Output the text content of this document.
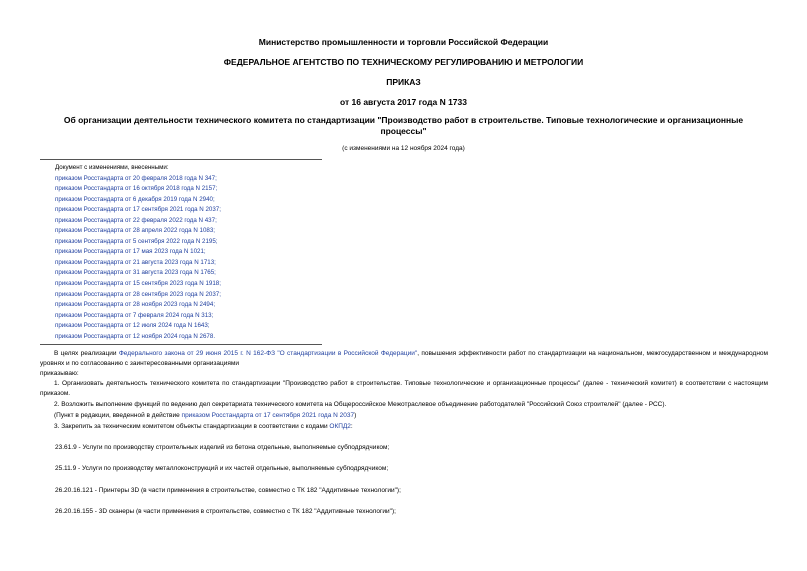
Министерство промышленности и торговли Российской Федерации
ФЕДЕРАЛЬНОЕ АГЕНТСТВО ПО ТЕХНИЧЕСКОМУ РЕГУЛИРОВАНИЮ И МЕТРОЛОГИИ
ПРИКАЗ
от 16 августа 2017 года N 1733
Об организации деятельности технического комитета по стандартизации "Производство работ в строительстве. Типовые технологические и организационные процессы"
(с изменениями на 12 ноября 2024 года)
Документ с изменениями, внесенными:
приказом Росстандарта от 20 февраля 2018 года N 347;
приказом Росстандарта от 16 октября 2018 года N 2157;
приказом Росстандарта от 6 декабря 2019 года N 2940;
приказом Росстандарта от 17 сентября 2021 года N 2037;
приказом Росстандарта от 22 февраля 2022 года N 437;
приказом Росстандарта от 28 апреля 2022 года N 1083;
приказом Росстандарта от 5 сентября 2022 года N 2195;
приказом Росстандарта от 17 мая 2023 года N 1021;
приказом Росстандарта от 21 августа 2023 года N 1713;
приказом Росстандарта от 31 августа 2023 года N 1765;
приказом Росстандарта от 15 сентября 2023 года N 1918;
приказом Росстандарта от 28 сентября 2023 года N 2037;
приказом Росстандарта от 28 ноября 2023 года N 2494;
приказом Росстандарта от 7 февраля 2024 года N 313;
приказом Росстандарта от 12 июля 2024 года N 1643;
приказом Росстандарта от 12 ноября 2024 года N 2678.
В целях реализации Федерального закона от 29 июня 2015 г. N 162-ФЗ "О стандартизации в Российской Федерации", повышения эффективности работ по стандартизации на национальном, межгосударственном и международном уровнях и по согласованию с заинтересованными организациями
приказываю:
1. Организовать деятельность технического комитета по стандартизации "Производство работ в строительстве. Типовые технологические и организационные процессы" (далее - технический комитет) в соответствии с настоящим приказом.
2. Возложить выполнение функций по ведению дел секретариата технического комитета на Общероссийское Межотраслевое объединение работодателей "Российский Союз строителей" (далее - РСС).
(Пункт в редакции, введенной в действие приказом Росстандарта от 17 сентября 2021 года N 2037)
3. Закрепить за техническим комитетом объекты стандартизации в соответствии с кодами ОКПД2:
23.61.9 - Услуги по производству строительных изделий из бетона отдельные, выполняемые субподрядчиком;
25.11.9 - Услуги по производству металлоконструкций и их частей отдельные, выполняемые субподрядчиком;
26.20.16.121 - Принтеры 3D (в части применения в строительстве, совместно с ТК 182 "Аддитивные технологии");
26.20.16.155 - 3D сканеры (в части применения в строительстве, совместно с ТК 182 "Аддитивные технологии");
